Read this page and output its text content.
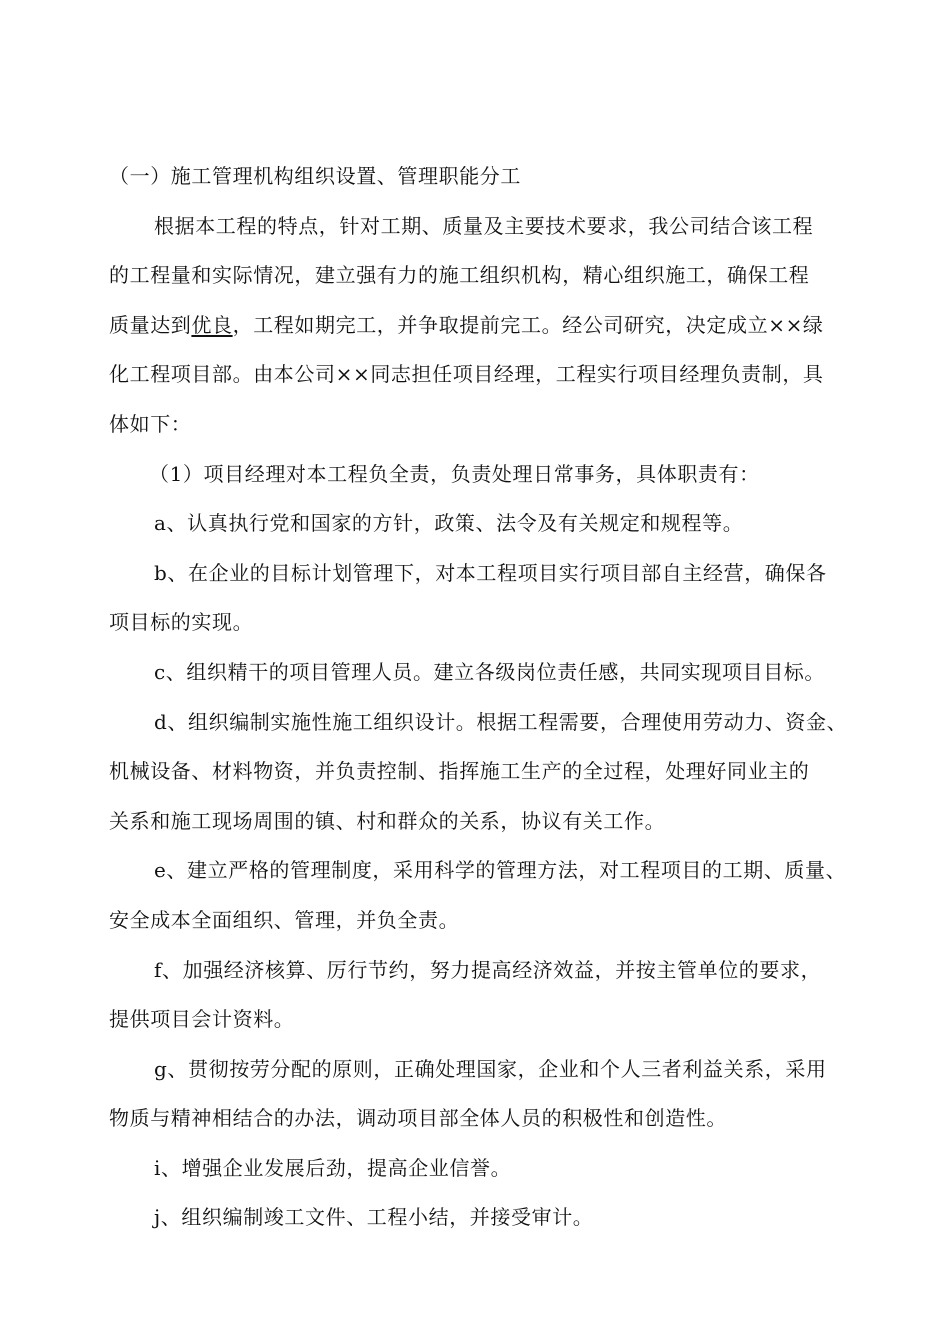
（一）施工管理机构组织设置、管理职能分工
根据本工程的特点，针对工期、质量及主要技术要求，我公司结合该工程
的工程量和实际情况，建立强有力的施工组织机构，精心组织施工，确保工程
质量达到优良，工程如期完工，并争取提前完工。经公司研究，决定成立××绿
化工程项目部。由本公司××同志担任项目经理，工程实行项目经理负责制，具
体如下：
（1）项目经理对本工程负全责，负责处理日常事务，具体职责有：
a、认真执行党和国家的方针，政策、法令及有关规定和规程等。
b、在企业的目标计划管理下，对本工程项目实行项目部自主经营，确保各
项目标的实现。
c、组织精干的项目管理人员。建立各级岗位责任感，共同实现项目目标。
d、组织编制实施性施工组织设计。根据工程需要，合理使用劳动力、资金、
机械设备、材料物资，并负责控制、指挥施工生产的全过程，处理好同业主的
关系和施工现场周围的镇、村和群众的关系，协议有关工作。
e、建立严格的管理制度，采用科学的管理方法，对工程项目的工期、质量、
安全成本全面组织、管理，并负全责。
f、加强经济核算、厉行节约，努力提高经济效益，并按主管单位的要求，
提供项目会计资料。
g、贯彻按劳分配的原则，正确处理国家，企业和个人三者利益关系，采用
物质与精神相结合的办法，调动项目部全体人员的积极性和创造性。
i、增强企业发展后劲，提高企业信誉。
j、组织编制竣工文件、工程小结，并接受审计。
